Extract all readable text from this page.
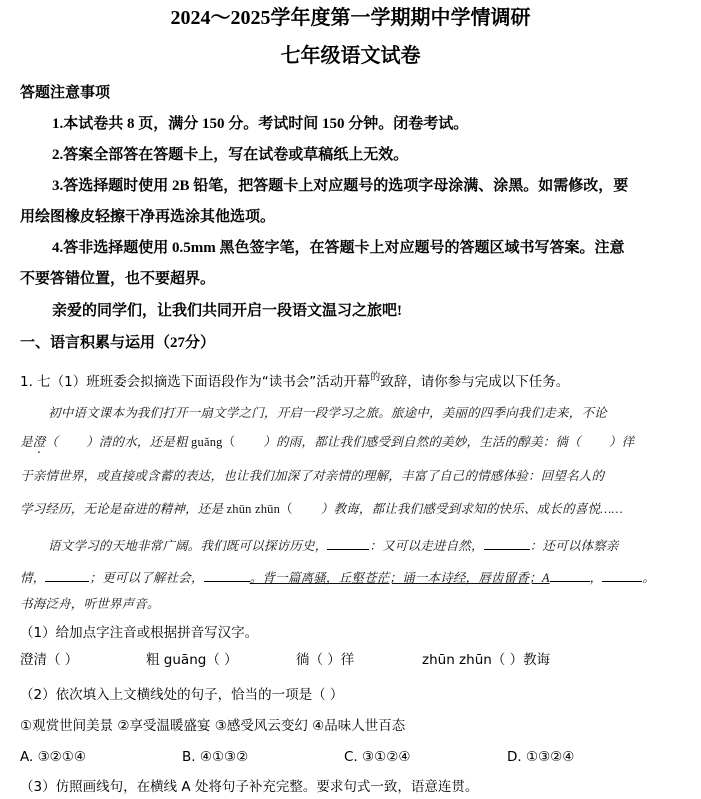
2024～2025学年度第一学期期中学情调研
七年级语文试卷
答题注意事项
1.本试卷共 8 页，满分 150 分。考试时间 150 分钟。闭卷考试。
2.答案全部答在答题卡上，写在试卷或草稿纸上无效。
3.答选择题时使用 2B 铅笔，把答题卡上对应题号的选项字母涂满、涂黑。如需修改，要
用绘图橡皮轻擦干净再选涂其他选项。
4.答非选择题使用 0.5mm 黑色签字笔，在答题卡上对应题号的答题区域书写答案。注意
不要答错位置，也不要超界。
亲爱的同学们，让我们共同开启一段语文温习之旅吧!
一、语言积累与运用（27分）
1. 七（1）班班委会拟摘选下面语段作为“读书会”活动开幕$^的$致辞，请你参与完成以下任务。
初中语文课本为我们打开一扇文学之门，开启一段学习之旅。旅途中，美丽的四季向我们走来，不论
是澄（ · ）清的水，还是粗 guǎng（ ）的雨，都让我们感受到自然的美妙，生活的醇美：徜（ ）徉
于亲情世界，或直接或含蓄的表达，也让我们加深了对亲情的理解，丰富了自己的情感体验：回望名人的
学习经历，无论是奋进的精神，还是 zhūn zhūn（ ）教诲，都让我们感受到求知的快乐、成长的喜悦……
语文学习的天地非常广阔。我们既可以探访历史，	：又可以走进自然，	：还可以体察亲
情，	；更可以了解社会，	。背一篇离骚，丘壑苍茫；诵一本诗经，唇齿留香；A	，	。
书海泛舟，听世界声音。
（1）给加点字注音或根据拼音写汉字。
澄清（ ）	粗 guāng（ ）	徜（ ）徉	zhūn zhūn（ ）教诲
（2）依次填入上文横线处的句子，恰当的一项是（ ）
①观赏世间美景 ②享受温暖盛宴 ③感受风云变幻 ④品味人世百态
A. ③②①④	B. ④①③②	C. ③①②④	D. ①③②④
（3）仿照画线句，在横线 A 处将句子补充完整。要求句式一致，语意连贯。
